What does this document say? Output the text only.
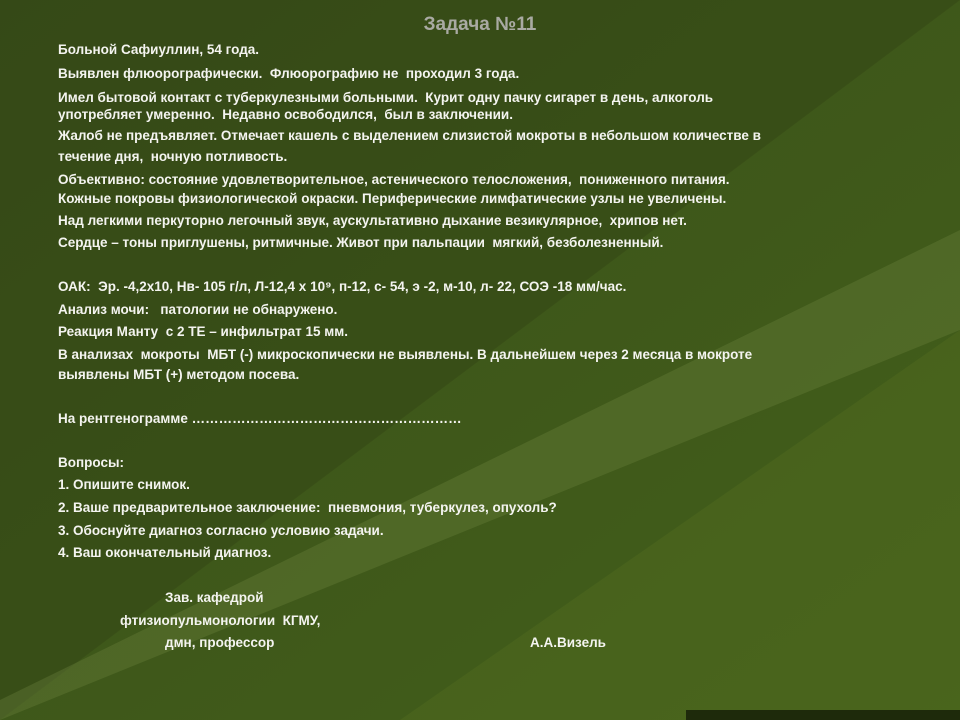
Задача №11
Больной Сафиуллин, 54 года.
Выявлен флюорографически.  Флюорографию не  проходил 3 года.
Имел бытовой контакт с туберкулезными больными.  Курит одну пачку сигарет в день, алкоголь
употребляет умеренно.  Недавно освободился,  был в заключении.
Жалоб не предъявляет. Отмечает кашель с выделением слизистой мокроты в небольшом количестве в
течение дня,  ночную потливость.
Объективно: состояние удовлетворительное, астенического телосложения,  пониженного питания.
Кожные покровы физиологической окраски. Периферические лимфатические узлы не увеличены.
Над легкими перкуторно легочный звук, аускультативно дыхание везикулярное,  хрипов нет.
Сердце – тоны приглушены, ритмичные. Живот при пальпации  мягкий, безболезненный.
ОАК:  Эр. -4,2х10, Нв- 105 г/л, Л-12,4 х 10⁹, п-12, с- 54, э -2, м-10, л- 22, СОЭ -18 мм/час.
Анализ мочи:   патологии не обнаружено.
Реакция Манту  с 2 ТЕ – инфильтрат 15 мм.
В анализах  мокроты  МБТ (-) микроскопически не выявлены. В дальнейшем через 2 месяца в мокроте
выявлены МБТ (+) методом посева.
На рентгенограмме ……………………………………………………
Вопросы:
1. Опишите снимок.
2. Ваше предварительное заключение:  пневмония, туберкулез, опухоль?
3. Обоснуйте диагноз согласно условию задачи.
4. Ваш окончательный диагноз.
Зав. кафедрой
фтизиопульмонологии  КГМУ,
дмн, профессор	А.А.Визель
